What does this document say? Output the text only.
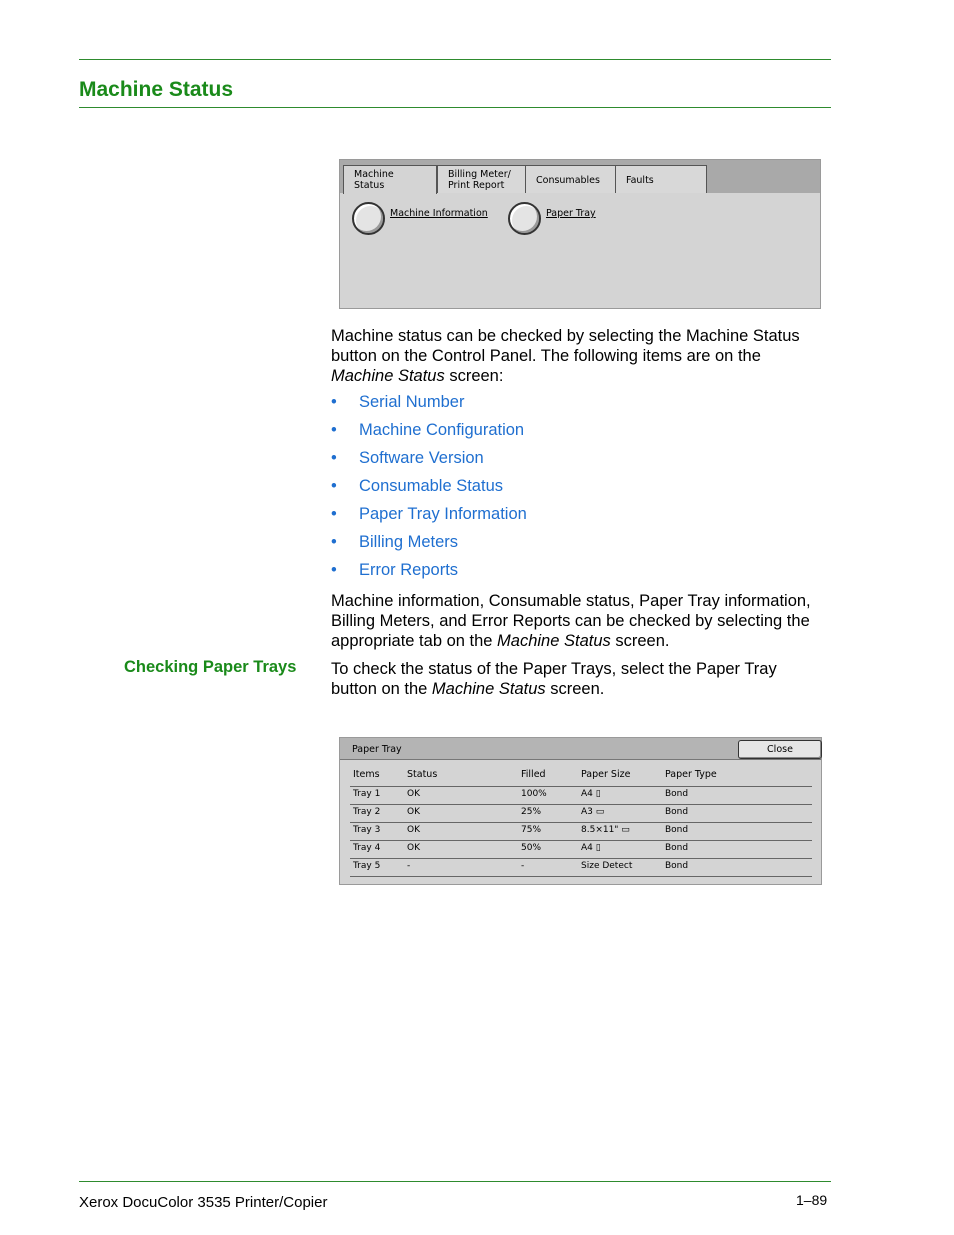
Machine Status
Machine
Status
Billing Meter/
Print Report	Consumables	Faults
Machine Information	Paper Tray
Machine status can be checked by selecting the Machine Status
button on the Control Panel. The following items are on the
Machine Status screen:
•	Serial Number
•	Machine Configuration
•	Software Version
•	Consumable Status
•	Paper Tray Information
•	Billing Meters
•	Error Reports
Machine information, Consumable status, Paper Tray information,
Billing Meters, and Error Reports can be checked by selecting the
appropriate tab on the Machine Status screen.
Checking Paper Trays To check the status of the Paper Trays, select the Paper Tray
button on the Machine Status screen.
Paper Tray	Close
Items	Status	Filled	Paper Size	Paper Type
Tray 1	OK	100%	A4 ▯	Bond
Tray 2	OK	25%	A3 ▭	Bond
Tray 3	OK	75%	8.5×11" ▭	Bond
Tray 4	OK	50%	A4 ▯	Bond
Tray 5	-	-	Size Detect	Bond
Xerox DocuColor 3535 Printer/Copier	1–89
